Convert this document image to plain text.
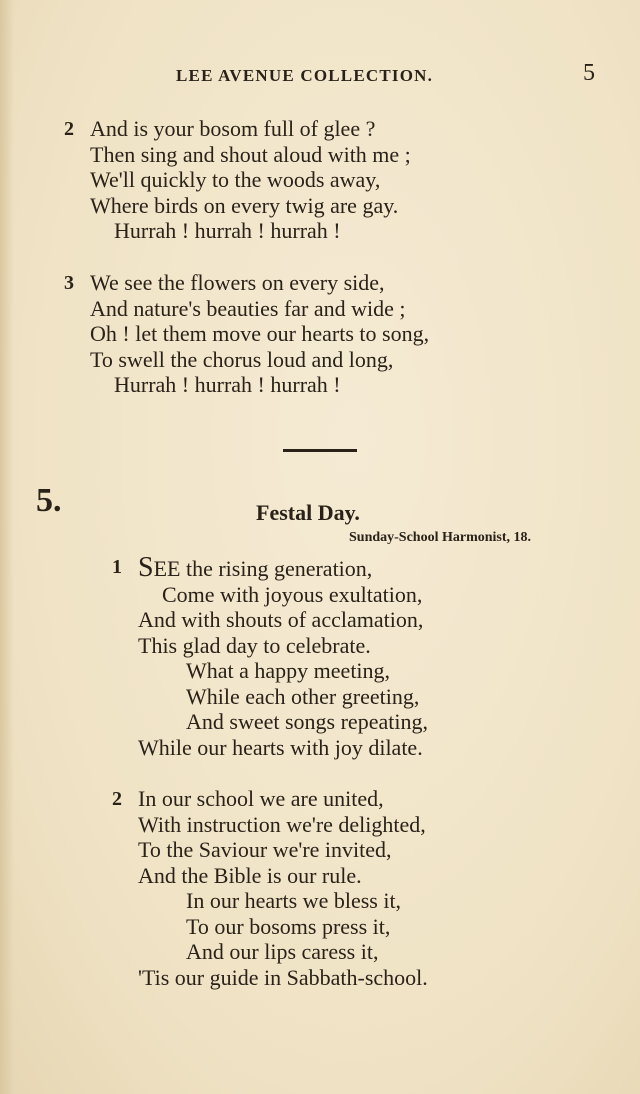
LEE AVENUE COLLECTION.	5
2 And is your bosom full of glee ?
Then sing and shout aloud with me ;
We'll quickly to the woods away,
Where birds on every twig are gay.
Hurrah ! hurrah ! hurrah !
3 We see the flowers on every side,
And nature's beauties far and wide ;
Oh ! let them move our hearts to song,
To swell the chorus loud and long,
Hurrah ! hurrah ! hurrah !
5.	Festal Day.
Sunday-School Harmonist, 18.
1 SEE the rising generation,
Come with joyous exultation,
And with shouts of acclamation,
This glad day to celebrate.
What a happy meeting,
While each other greeting,
And sweet songs repeating,
While our hearts with joy dilate.
2 In our school we are united,
With instruction we're delighted,
To the Saviour we're invited,
And the Bible is our rule.
In our hearts we bless it,
To our bosoms press it,
And our lips caress it,
'Tis our guide in Sabbath-school.
